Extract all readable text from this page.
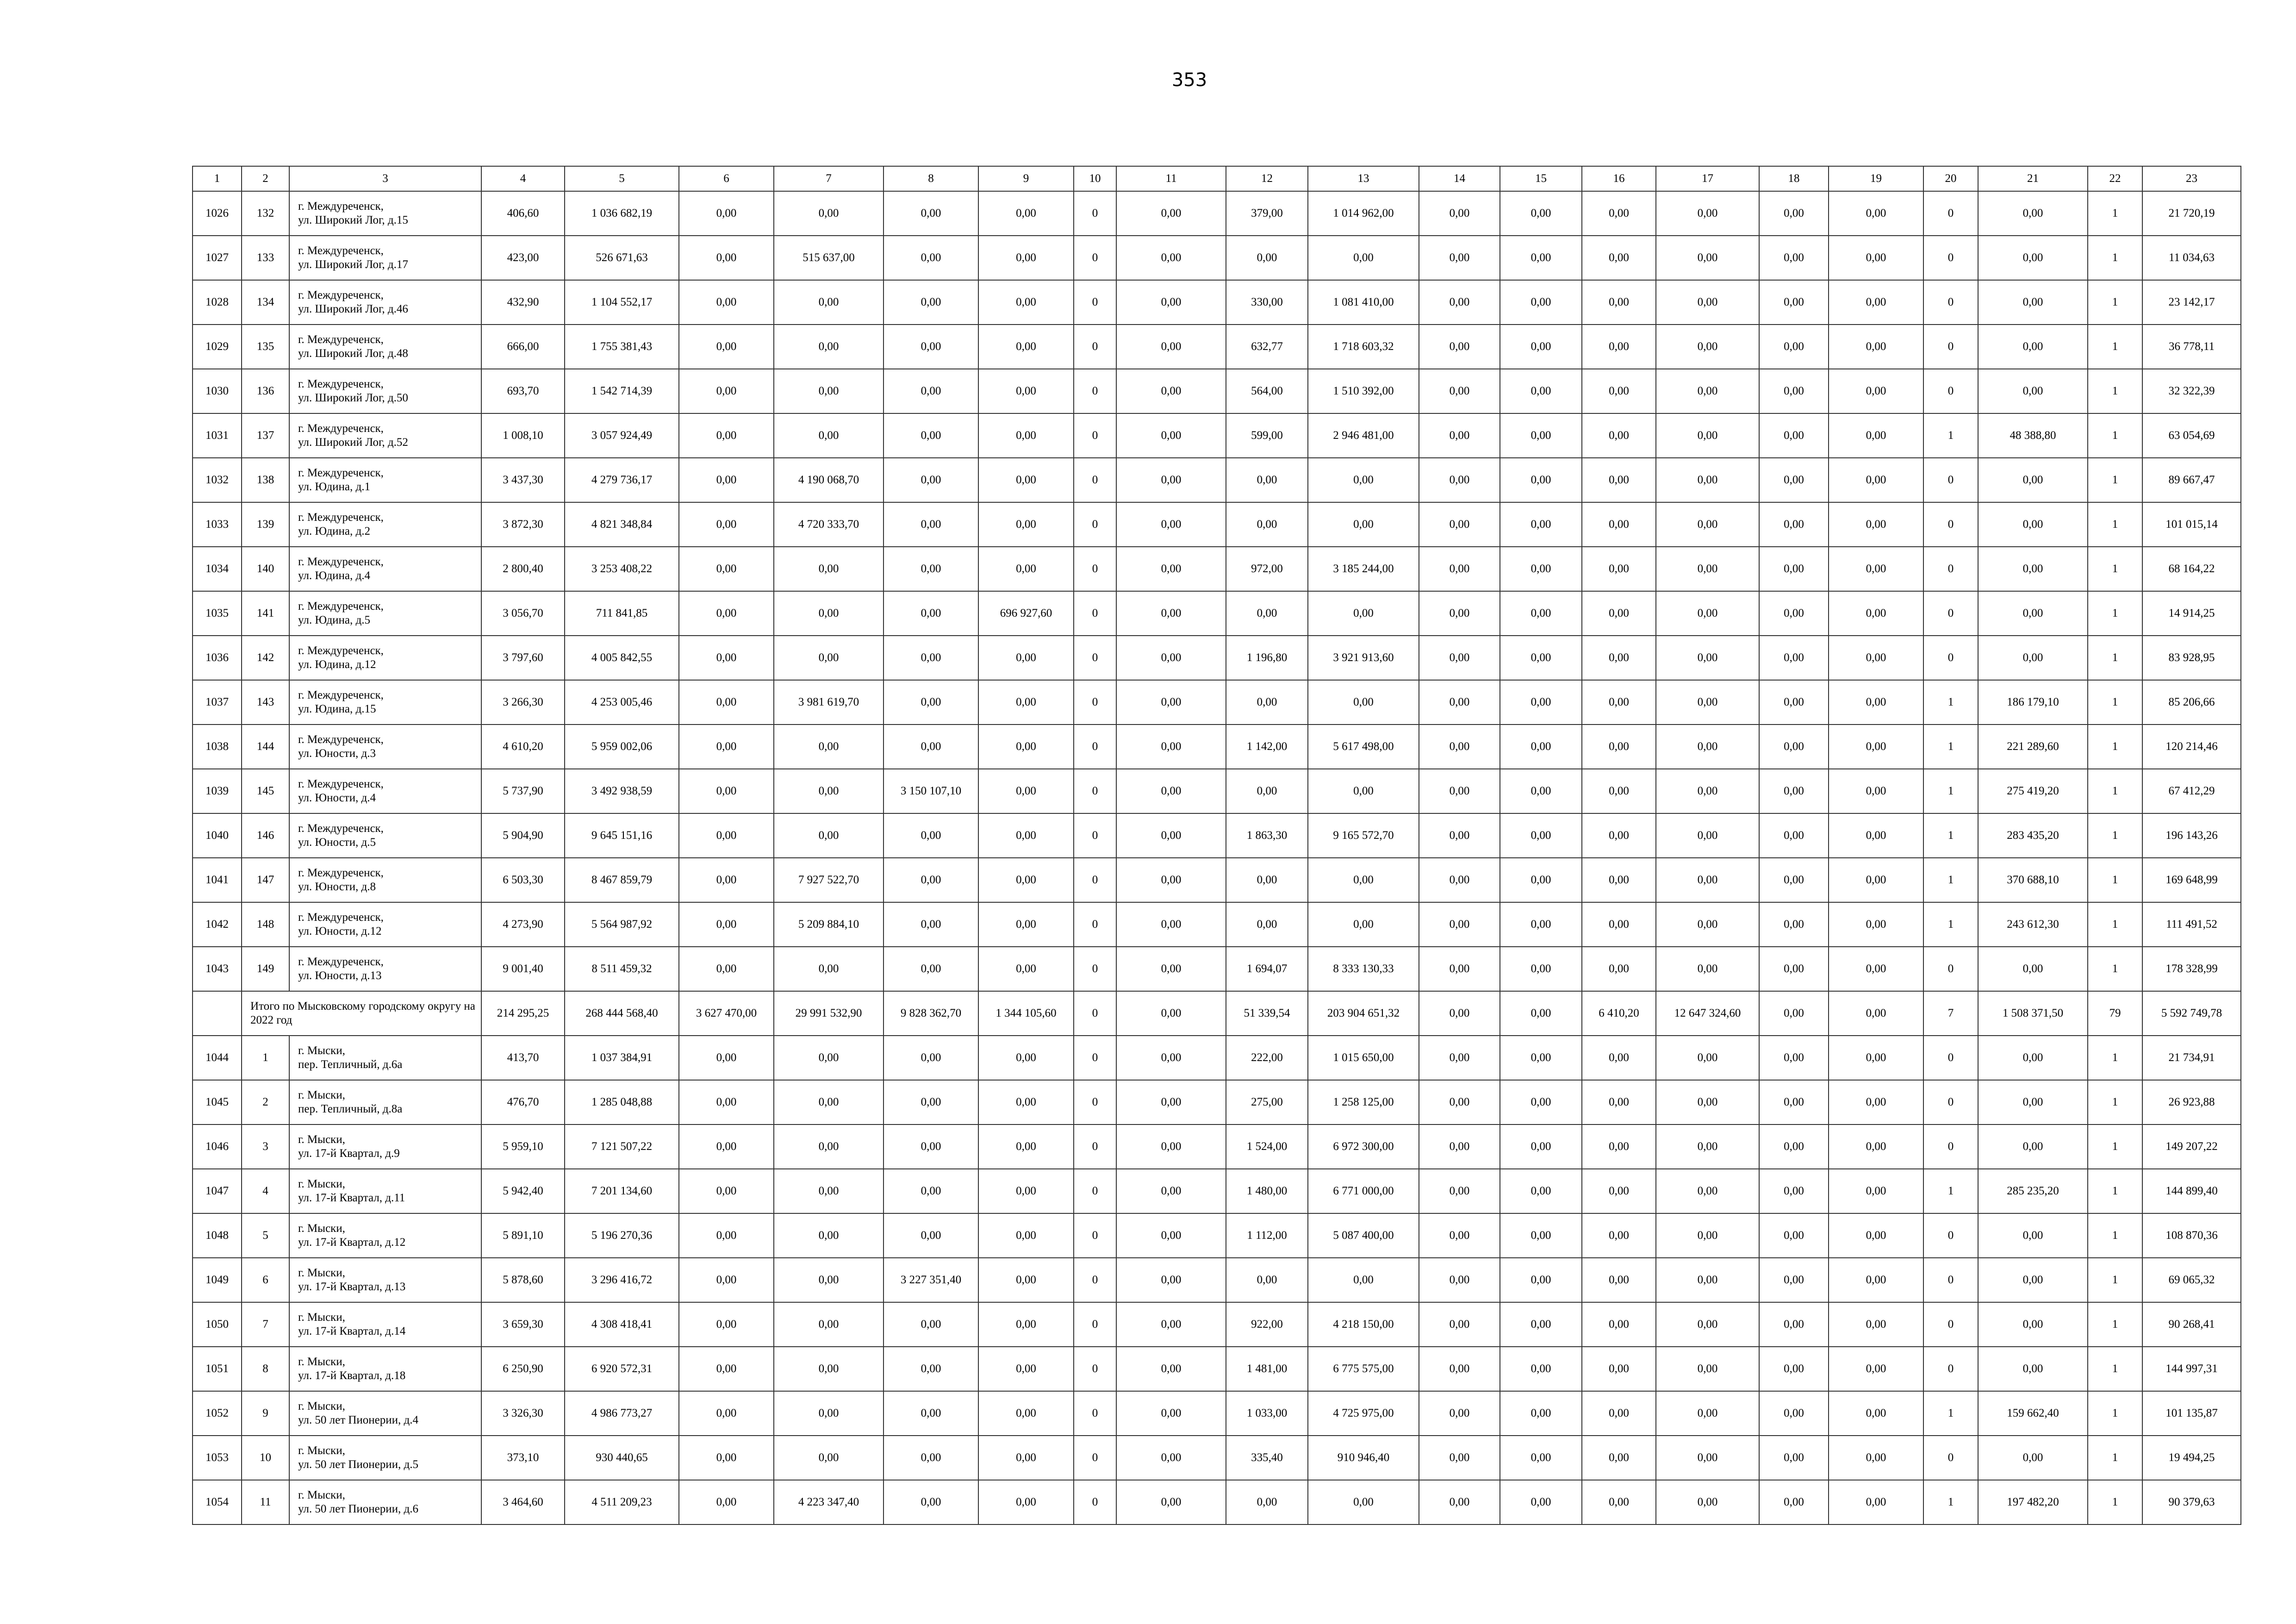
353
1	2	3	4	5	6	7	8	9	10	11	12	13	14	15	16	17	18	19	20	21	22	23
1026	132	г. Междуреченск,
ул. Широкий Лог, д.15	406,60	1 036 682,19	0,00	0,00	0,00	0,00	0	0,00	379,00	1 014 962,00	0,00	0,00	0,00	0,00	0,00	0,00	0	0,00	1	21 720,19
1027	133	г. Междуреченск,
ул. Широкий Лог, д.17	423,00	526 671,63	0,00	515 637,00	0,00	0,00	0	0,00	0,00	0,00	0,00	0,00	0,00	0,00	0,00	0,00	0	0,00	1	11 034,63
1028	134	г. Междуреченск,
ул. Широкий Лог, д.46	432,90	1 104 552,17	0,00	0,00	0,00	0,00	0	0,00	330,00	1 081 410,00	0,00	0,00	0,00	0,00	0,00	0,00	0	0,00	1	23 142,17
1029	135	г. Междуреченск,
ул. Широкий Лог, д.48	666,00	1 755 381,43	0,00	0,00	0,00	0,00	0	0,00	632,77	1 718 603,32	0,00	0,00	0,00	0,00	0,00	0,00	0	0,00	1	36 778,11
1030	136	г. Междуреченск,
ул. Широкий Лог, д.50	693,70	1 542 714,39	0,00	0,00	0,00	0,00	0	0,00	564,00	1 510 392,00	0,00	0,00	0,00	0,00	0,00	0,00	0	0,00	1	32 322,39
1031	137	г. Междуреченск,
ул. Широкий Лог, д.52	1 008,10	3 057 924,49	0,00	0,00	0,00	0,00	0	0,00	599,00	2 946 481,00	0,00	0,00	0,00	0,00	0,00	0,00	1	48 388,80	1	63 054,69
1032	138	г. Междуреченск,
ул. Юдина, д.1	3 437,30	4 279 736,17	0,00	4 190 068,70	0,00	0,00	0	0,00	0,00	0,00	0,00	0,00	0,00	0,00	0,00	0,00	0	0,00	1	89 667,47
1033	139	г. Междуреченск,
ул. Юдина, д.2	3 872,30	4 821 348,84	0,00	4 720 333,70	0,00	0,00	0	0,00	0,00	0,00	0,00	0,00	0,00	0,00	0,00	0,00	0	0,00	1	101 015,14
1034	140	г. Междуреченск,
ул. Юдина, д.4	2 800,40	3 253 408,22	0,00	0,00	0,00	0,00	0	0,00	972,00	3 185 244,00	0,00	0,00	0,00	0,00	0,00	0,00	0	0,00	1	68 164,22
1035	141	г. Междуреченск,
ул. Юдина, д.5	3 056,70	711 841,85	0,00	0,00	0,00	696 927,60	0	0,00	0,00	0,00	0,00	0,00	0,00	0,00	0,00	0,00	0	0,00	1	14 914,25
1036	142	г. Междуреченск,
ул. Юдина, д.12	3 797,60	4 005 842,55	0,00	0,00	0,00	0,00	0	0,00	1 196,80	3 921 913,60	0,00	0,00	0,00	0,00	0,00	0,00	0	0,00	1	83 928,95
1037	143	г. Междуреченск,
ул. Юдина, д.15	3 266,30	4 253 005,46	0,00	3 981 619,70	0,00	0,00	0	0,00	0,00	0,00	0,00	0,00	0,00	0,00	0,00	0,00	1	186 179,10	1	85 206,66
1038	144	г. Междуреченск,
ул. Юности, д.3	4 610,20	5 959 002,06	0,00	0,00	0,00	0,00	0	0,00	1 142,00	5 617 498,00	0,00	0,00	0,00	0,00	0,00	0,00	1	221 289,60	1	120 214,46
1039	145	г. Междуреченск,
ул. Юности, д.4	5 737,90	3 492 938,59	0,00	0,00	3 150 107,10	0,00	0	0,00	0,00	0,00	0,00	0,00	0,00	0,00	0,00	0,00	1	275 419,20	1	67 412,29
1040	146	г. Междуреченск,
ул. Юности, д.5	5 904,90	9 645 151,16	0,00	0,00	0,00	0,00	0	0,00	1 863,30	9 165 572,70	0,00	0,00	0,00	0,00	0,00	0,00	1	283 435,20	1	196 143,26
1041	147	г. Междуреченск,
ул. Юности, д.8	6 503,30	8 467 859,79	0,00	7 927 522,70	0,00	0,00	0	0,00	0,00	0,00	0,00	0,00	0,00	0,00	0,00	0,00	1	370 688,10	1	169 648,99
1042	148	г. Междуреченск,
ул. Юности, д.12	4 273,90	5 564 987,92	0,00	5 209 884,10	0,00	0,00	0	0,00	0,00	0,00	0,00	0,00	0,00	0,00	0,00	0,00	1	243 612,30	1	111 491,52
1043	149	г. Междуреченск,
ул. Юности, д.13	9 001,40	8 511 459,32	0,00	0,00	0,00	0,00	0	0,00	1 694,07	8 333 130,33	0,00	0,00	0,00	0,00	0,00	0,00	0	0,00	1	178 328,99
	Итого по Мысковскому городскому округу на 2022 год		214 295,25	268 444 568,40	3 627 470,00	29 991 532,90	9 828 362,70	1 344 105,60	0	0,00	51 339,54	203 904 651,32	0,00	0,00	6 410,20	12 647 324,60	0,00	0,00	7	1 508 371,50	79	5 592 749,78
1044	1	г. Мыски,
пер. Тепличный, д.6а	413,70	1 037 384,91	0,00	0,00	0,00	0,00	0	0,00	222,00	1 015 650,00	0,00	0,00	0,00	0,00	0,00	0,00	0	0,00	1	21 734,91
1045	2	г. Мыски,
пер. Тепличный, д.8а	476,70	1 285 048,88	0,00	0,00	0,00	0,00	0	0,00	275,00	1 258 125,00	0,00	0,00	0,00	0,00	0,00	0,00	0	0,00	1	26 923,88
1046	3	г. Мыски,
ул. 17-й Квартал, д.9	5 959,10	7 121 507,22	0,00	0,00	0,00	0,00	0	0,00	1 524,00	6 972 300,00	0,00	0,00	0,00	0,00	0,00	0,00	0	0,00	1	149 207,22
1047	4	г. Мыски,
ул. 17-й Квартал, д.11	5 942,40	7 201 134,60	0,00	0,00	0,00	0,00	0	0,00	1 480,00	6 771 000,00	0,00	0,00	0,00	0,00	0,00	0,00	1	285 235,20	1	144 899,40
1048	5	г. Мыски,
ул. 17-й Квартал, д.12	5 891,10	5 196 270,36	0,00	0,00	0,00	0,00	0	0,00	1 112,00	5 087 400,00	0,00	0,00	0,00	0,00	0,00	0,00	0	0,00	1	108 870,36
1049	6	г. Мыски,
ул. 17-й Квартал, д.13	5 878,60	3 296 416,72	0,00	0,00	3 227 351,40	0,00	0	0,00	0,00	0,00	0,00	0,00	0,00	0,00	0,00	0,00	0	0,00	1	69 065,32
1050	7	г. Мыски,
ул. 17-й Квартал, д.14	3 659,30	4 308 418,41	0,00	0,00	0,00	0,00	0	0,00	922,00	4 218 150,00	0,00	0,00	0,00	0,00	0,00	0,00	0	0,00	1	90 268,41
1051	8	г. Мыски,
ул. 17-й Квартал, д.18	6 250,90	6 920 572,31	0,00	0,00	0,00	0,00	0	0,00	1 481,00	6 775 575,00	0,00	0,00	0,00	0,00	0,00	0,00	0	0,00	1	144 997,31
1052	9	г. Мыски,
ул. 50 лет Пионерии, д.4	3 326,30	4 986 773,27	0,00	0,00	0,00	0,00	0	0,00	1 033,00	4 725 975,00	0,00	0,00	0,00	0,00	0,00	0,00	1	159 662,40	1	101 135,87
1053	10	г. Мыски,
ул. 50 лет Пионерии, д.5	373,10	930 440,65	0,00	0,00	0,00	0,00	0	0,00	335,40	910 946,40	0,00	0,00	0,00	0,00	0,00	0,00	0	0,00	1	19 494,25
1054	11	г. Мыски,
ул. 50 лет Пионерии, д.6	3 464,60	4 511 209,23	0,00	4 223 347,40	0,00	0,00	0	0,00	0,00	0,00	0,00	0,00	0,00	0,00	0,00	0,00	1	197 482,20	1	90 379,63
